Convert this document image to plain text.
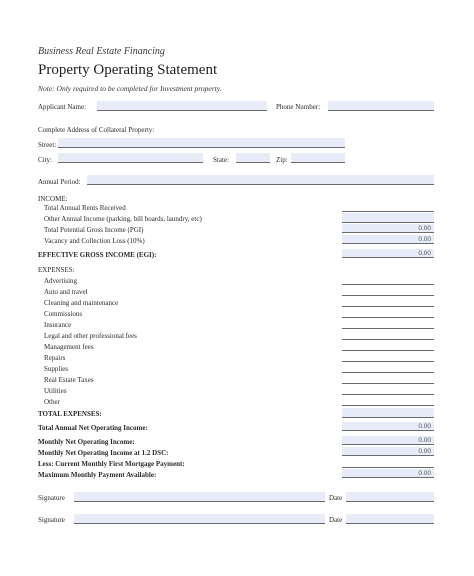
Business Real Estate Financing
Property Operating Statement
Note: Only required to be completed for Investment property.
Applicant Name:	Phone Number:
Complete Address of Collateral Property:
Street:
City:	State:	Zip:
Annual Period:
INCOME:
Total Annual Rents Received
Other Annual Income (parking, bill boards, laundry, etc)
Total Potential Gross Income (PGI)	0.00
Vacancy and Collection Loss (10%)	0.00
EFFECTIVE GROSS INCOME (EGI):	0.00
EXPENSES:
Advertising
Auto and travel
Cleaning and maintenance
Commissions
Insurance
Legal and other professional fees
Management fees
Repairs
Supplies
Real Estate Taxes
Utilities
Other
TOTAL EXPENSES:
Total Annual Net Operating Income:	0.00
Monthly Net Operating Income:	0.00
Monthly Net Operating Income at 1.2 DSC:	0.00
Less: Current Monthly First Mortgage Payment:
Maximum Monthly Payment Available:	0.00
Signature	Date
Signature	Date
